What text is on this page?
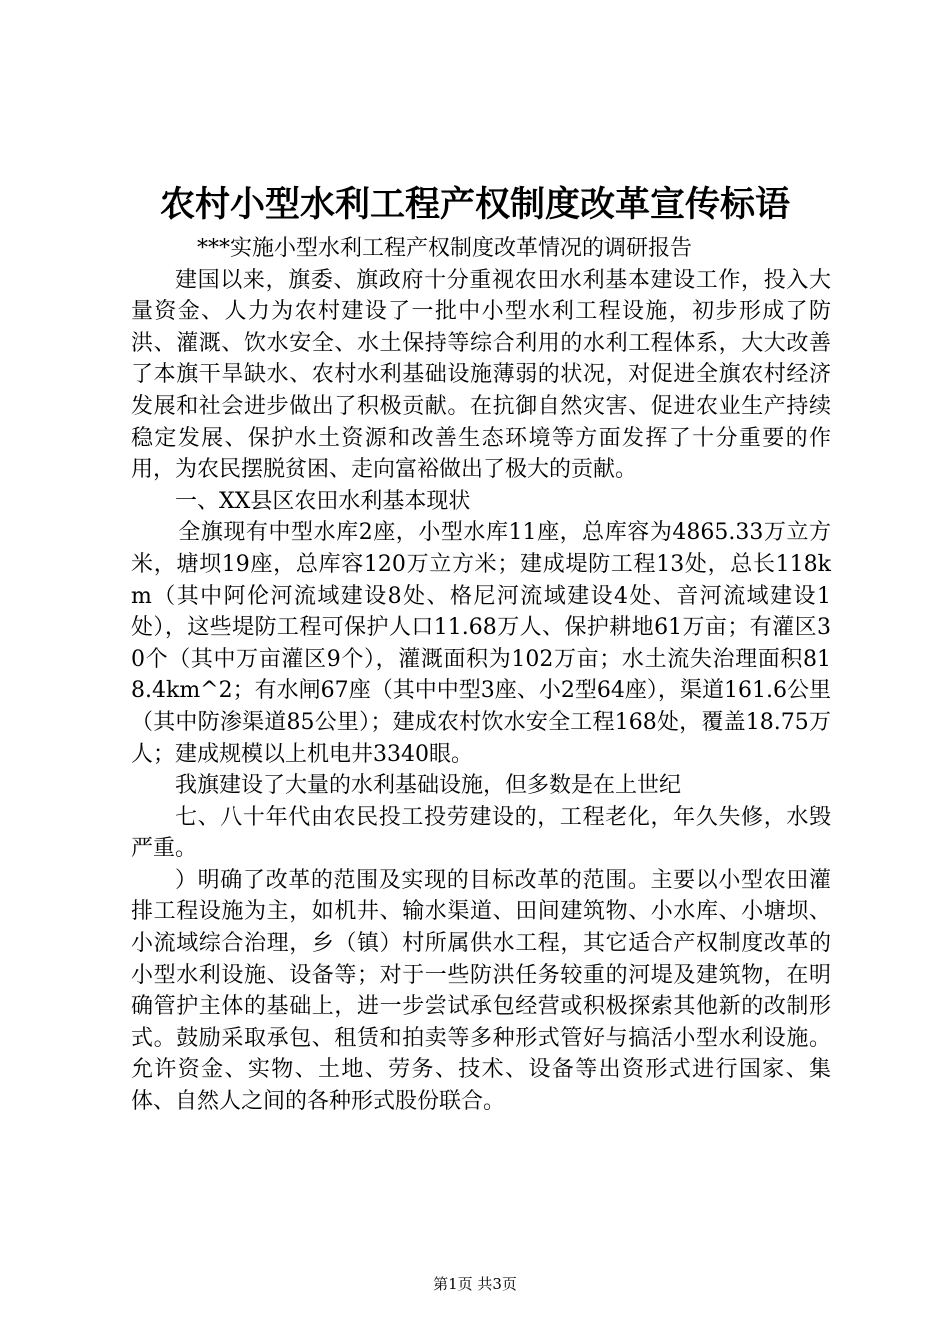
农村小型水利工程产权制度改革宣传标语

***实施小型水利工程产权制度改革情况的调研报告

建国以来，旗委、旗政府十分重视农田水利基本建设工作，投入大量资金、人力为农村建设了一批中小型水利工程设施，初步形成了防洪、灌溉、饮水安全、水土保持等综合利用的水利工程体系，大大改善了本旗干旱缺水、农村水利基础设施薄弱的状况，对促进全旗农村经济发展和社会进步做出了积极贡献。在抗御自然灾害、促进农业生产持续稳定发展、保护水土资源和改善生态环境等方面发挥了十分重要的作用，为农民摆脱贫困、走向富裕做出了极大的贡献。

一、XX县区农田水利基本现状

全旗现有中型水库2座，小型水库11座，总库容为4865.33万立方米，塘坝19座，总库容120万立方米；建成堤防工程13处，总长118km（其中阿伦河流域建设8处、格尼河流域建设4处、音河流域建设1处），这些堤防工程可保护人口11.68万人、保护耕地61万亩；有灌区30个（其中万亩灌区9个），灌溉面积为102万亩；水土流失治理面积818.4km^2；有水闸67座（其中中型3座、小2型64座），渠道161.6公里（其中防渗渠道85公里）；建成农村饮水安全工程168处，覆盖18.75万人；建成规模以上机电井3340眼。

我旗建设了大量的水利基础设施，但多数是在上世纪

七、八十年代由农民投工投劳建设的，工程老化，年久失修，水毁严重。

）明确了改革的范围及实现的目标改革的范围。主要以小型农田灌排工程设施为主，如机井、输水渠道、田间建筑物、小水库、小塘坝、小流域综合治理，乡（镇）村所属供水工程，其它适合产权制度改革的小型水利设施、设备等；对于一些防洪任务较重的河堤及建筑物，在明确管护主体的基础上，进一步尝试承包经营或积极探索其他新的改制形式。鼓励采取承包、租赁和拍卖等多种形式管好与搞活小型水利设施。允许资金、实物、土地、劳务、技术、设备等出资形式进行国家、集体、自然人之间的各种形式股份联合。

第1页 共3页
